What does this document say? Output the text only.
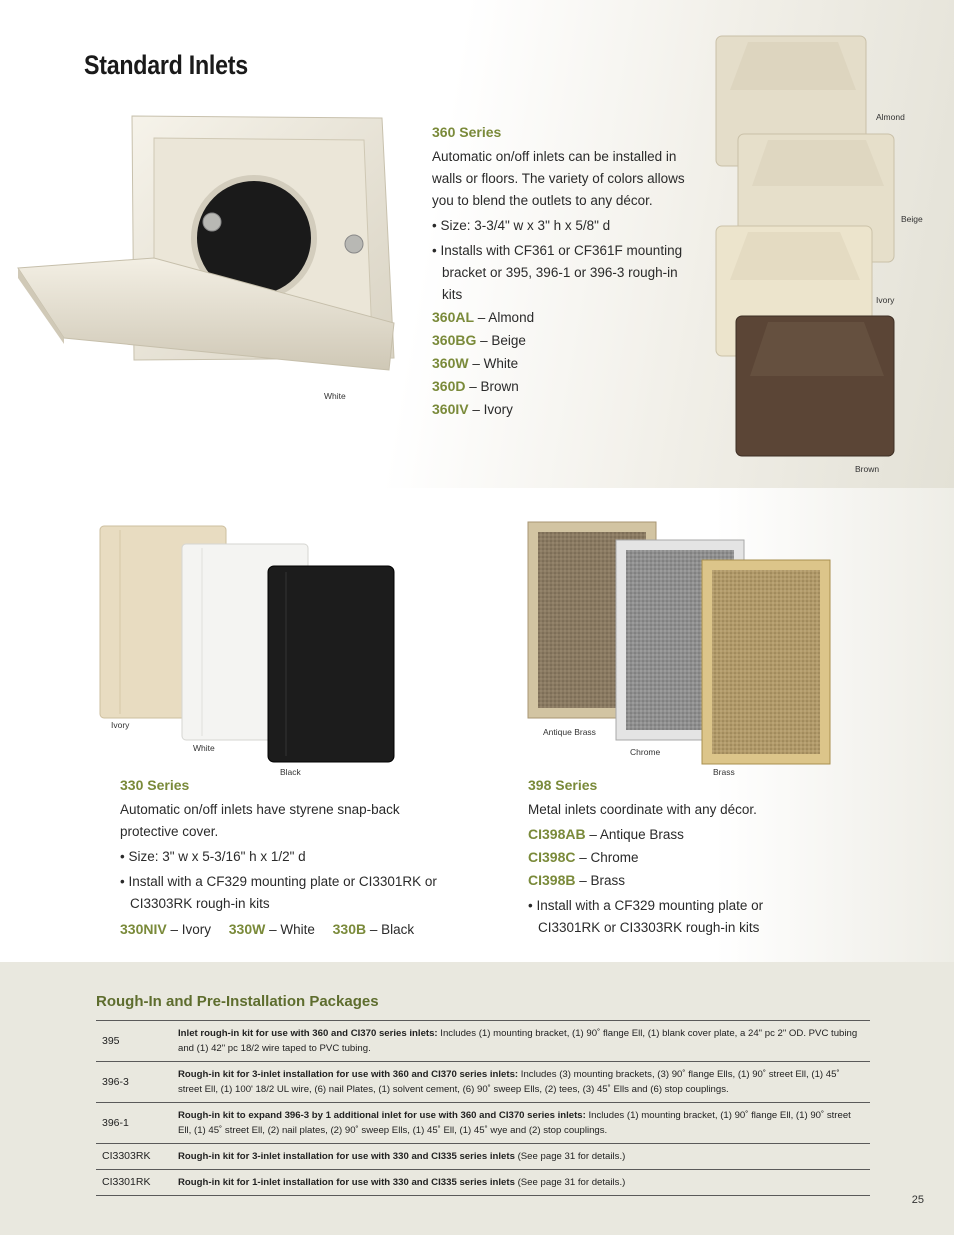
Standard Inlets
White
360 Series
Automatic on/off inlets can be installed in walls or floors. The variety of colors allows you to blend the outlets to any décor.
• Size: 3-3/4" w x 3" h x 5/8" d
• Installs with CF361 or CF361F mounting bracket or 395, 396-1 or 396-3 rough-in kits
360AL – Almond
360BG – Beige
360W – White
360D – Brown
360IV – Ivory
Almond
Beige
Ivory
Brown
Ivory
White
Black
330 Series
Automatic on/off inlets have styrene snap-back protective cover.
• Size: 3" w x 5-3/16" h x 1/2" d
• Install with a CF329 mounting plate or CI3301RK or CI3303RK rough-in kits
330NIV – Ivory 330W – White 330B – Black
Antique Brass
Chrome
Brass
398 Series
Metal inlets coordinate with any décor.
CI398AB – Antique Brass
CI398C – Chrome
CI398B – Brass
• Install with a CF329 mounting plate or CI3301RK or CI3303RK rough-in kits
Rough-In and Pre-Installation Packages
395	Inlet rough-in kit for use with 360 and CI370 series inlets: Includes (1) mounting bracket, (1) 90˚ flange Ell, (1) blank cover plate, a 24" pc 2" OD. PVC tubing and (1) 42" pc 18/2 wire taped to PVC tubing.
396-3	Rough-in kit for 3-inlet installation for use with 360 and CI370 series inlets: Includes (3) mounting brackets, (3) 90˚ flange Ells, (1) 90˚ street Ell, (1) 45˚ street Ell, (1) 100' 18/2 UL wire, (6) nail Plates, (1) solvent cement, (6) 90˚ sweep Ells, (2) tees, (3) 45˚ Ells and (6) stop couplings.
396-1	Rough-in kit to expand 396-3 by 1 additional inlet for use with 360 and CI370 series inlets: Includes (1) mounting bracket, (1) 90˚ flange Ell, (1) 90˚ street Ell, (1) 45˚ street Ell, (2) nail plates, (2) 90˚ sweep Ells, (1) 45˚ Ell, (1) 45˚ wye and (2) stop couplings.
CI3303RK	Rough-in kit for 3-inlet installation for use with 330 and CI335 series inlets (See page 31 for details.)
CI3301RK	Rough-in kit for 1-inlet installation for use with 330 and CI335 series inlets (See page 31 for details.)
25
